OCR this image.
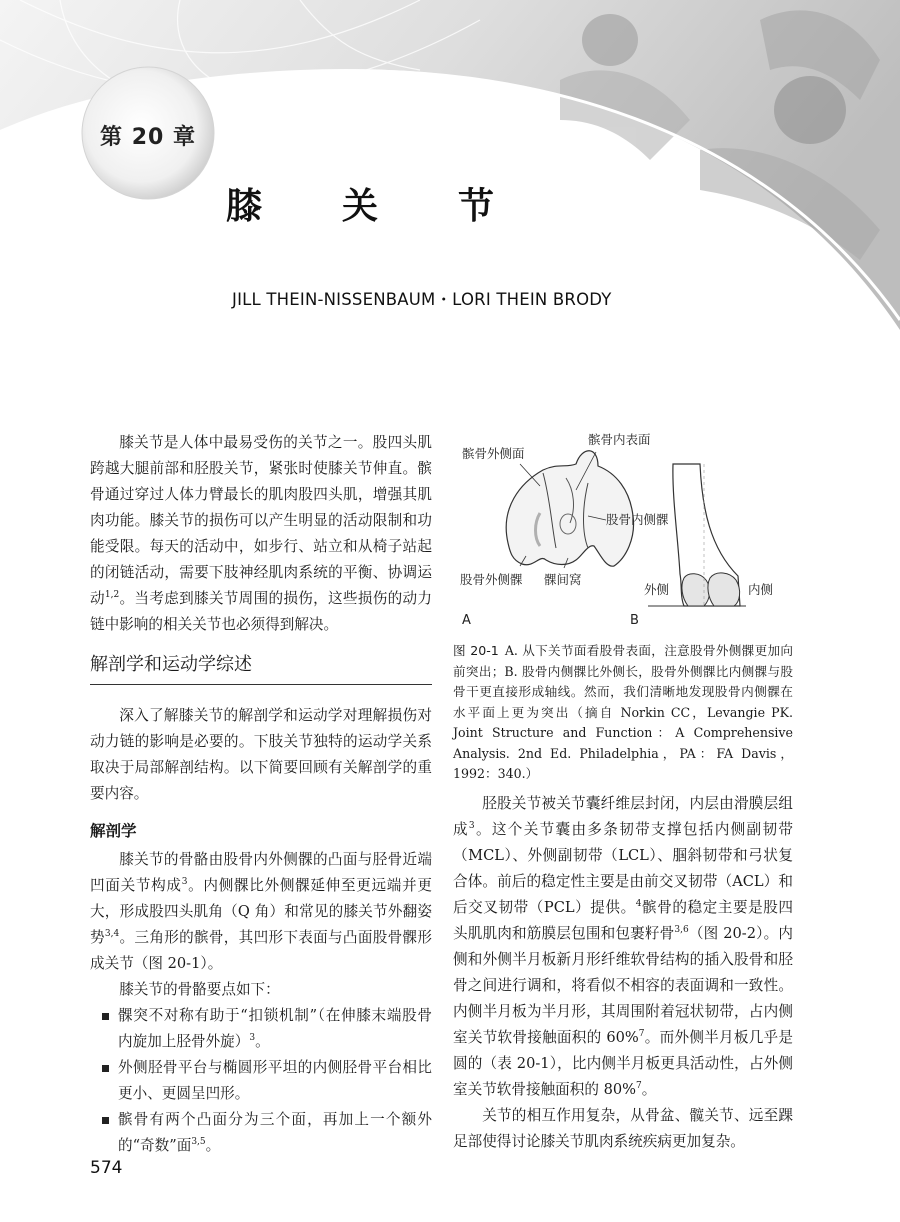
第 20 章
膝　关　节
JILL THEIN-NISSENBAUM・LORI THEIN BRODY

膝关节是人体中最易受伤的关节之一。股四头肌跨越大腿前部和胫股关节，紧张时使膝关节伸直。髌骨通过穿过人体力臂最长的肌肉股四头肌，增强其肌肉功能。膝关节的损伤可以产生明显的活动限制和功能受限。每天的活动中，如步行、站立和从椅子站起的闭链活动，需要下肢神经肌肉系统的平衡、协调运动$^{1,2}$。当考虑到膝关节周围的损伤，这些损伤的动力链中影响的相关关节也必须得到解决。

解剖学和运动学综述

深入了解膝关节的解剖学和运动学对理解损伤对动力链的影响是必要的。下肢关节独特的运动学关系取决于局部解剖结构。以下简要回顾有关解剖学的重要内容。

解剖学

膝关节的骨骼由股骨内外侧髁的凸面与胫骨近端凹面关节构成$^3$。内侧髁比外侧髁延伸至更远端并更大，形成股四头肌角（Q 角）和常见的膝关节外翻姿势$^{3,4}$。三角形的髌骨，其凹形下表面与凸面股骨髁形成关节（图 20-1）。

膝关节的骨骼要点如下：

髁突不对称有助于“扣锁机制”（在伸膝末端股骨内旋加上胫骨外旋）$^3$。
外侧胫骨平台与椭圆形平坦的内侧胫骨平台相比更小、更圆呈凹形。
髌骨有两个凸面分为三个面，再加上一个额外的“奇数”面$^{3,5}$。
髌骨外侧面
髌骨内表面
股骨内侧髁
股骨外侧髁 髁间窝
A
外侧	内侧
B
图 20-1 A. 从下关节面看股骨表面，注意股骨外侧髁更加向前突出；B. 股骨内侧髁比外侧长，股骨外侧髁比内侧髁与股骨干更直接形成轴线。然而，我们清晰地发现股骨内侧髁在水平面上更为突出（摘自 Norkin CC，Levangie PK. Joint Structure and Function：A Comprehensive Analysis. 2nd Ed. Philadelphia，PA：FA Davis，1992：340.）

胫股关节被关节囊纤维层封闭，内层由滑膜层组成$^3$。这个关节囊由多条韧带支撑包括内侧副韧带（MCL）、外侧副韧带（LCL）、腘斜韧带和弓状复合体。前后的稳定性主要是由前交叉韧带（ACL）和后交叉韧带（PCL）提供。$^4$髌骨的稳定主要是股四头肌肌肉和筋膜层包围和包裹籽骨$^{3,6}$（图 20-2）。内侧和外侧半月板新月形纤维软骨结构的插入股骨和胫骨之间进行调和，将看似不相容的表面调和一致性。内侧半月板为半月形，其周围附着冠状韧带，占内侧室关节软骨接触面积的 60%$^7$。而外侧半月板几乎是圆的（表 20-1），比内侧半月板更具活动性，占外侧室关节软骨接触面积的 80%$^7$。

关节的相互作用复杂，从骨盆、髋关节、远至踝足部使得讨论膝关节肌肉系统疾病更加复杂。

574
